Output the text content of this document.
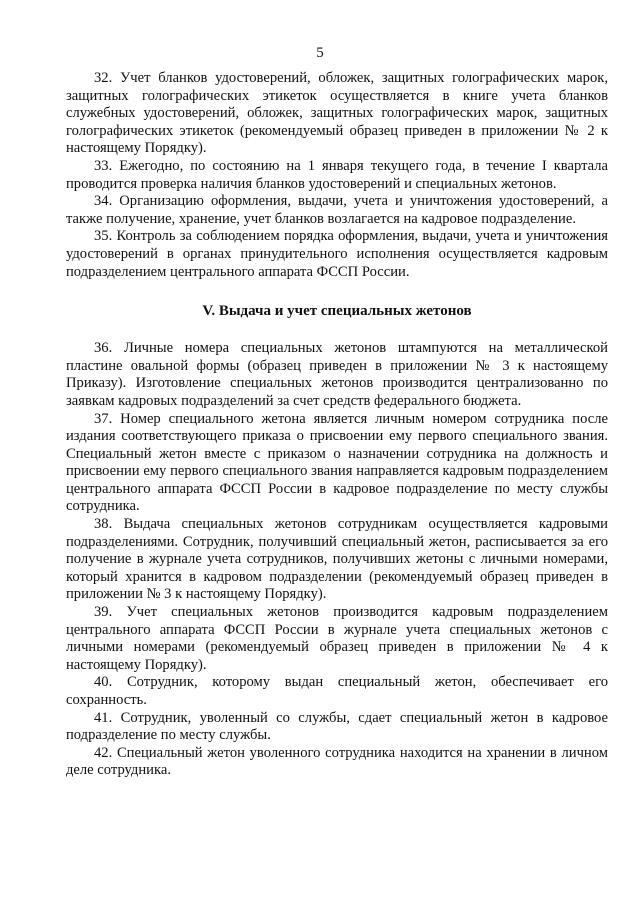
5

32. Учет бланков удостоверений, обложек, защитных голографических марок, защитных голографических этикеток осуществляется в книге учета бланков служебных удостоверений, обложек, защитных голографических марок, защитных голографических этикеток (рекомендуемый образец приведен в приложении № 2 к настоящему Порядку).

33. Ежегодно, по состоянию на 1 января текущего года, в течение I квартала проводится проверка наличия бланков удостоверений и специальных жетонов.

34. Организацию оформления, выдачи, учета и уничтожения удостоверений, а также получение, хранение, учет бланков возлагается на кадровое подразделение.

35. Контроль за соблюдением порядка оформления, выдачи, учета и уничтожения удостоверений в органах принудительного исполнения осуществляется кадровым подразделением центрального аппарата ФССП России.

V. Выдача и учет специальных жетонов

36. Личные номера специальных жетонов штампуются на металлической пластине овальной формы (образец приведен в приложении № 3 к настоящему Приказу). Изготовление специальных жетонов производится централизованно по заявкам кадровых подразделений за счет средств федерального бюджета.

37. Номер специального жетона является личным номером сотрудника после издания соответствующего приказа о присвоении ему первого специального звания. Специальный жетон вместе с приказом о назначении сотрудника на должность и присвоении ему первого специального звания направляется кадровым подразделением центрального аппарата ФССП России в кадровое подразделение по месту службы сотрудника.

38. Выдача специальных жетонов сотрудникам осуществляется кадровыми подразделениями. Сотрудник, получивший специальный жетон, расписывается за его получение в журнале учета сотрудников, получивших жетоны с личными номерами, который хранится в кадровом подразделении (рекомендуемый образец приведен в приложении № 3 к настоящему Порядку).

39. Учет специальных жетонов производится кадровым подразделением центрального аппарата ФССП России в журнале учета специальных жетонов с личными номерами (рекомендуемый образец приведен в приложении № 4 к настоящему Порядку).

40. Сотрудник, которому выдан специальный жетон, обеспечивает его сохранность.

41. Сотрудник, уволенный со службы, сдает специальный жетон в кадровое подразделение по месту службы.

42. Специальный жетон уволенного сотрудника находится на хранении в личном деле сотрудника.
